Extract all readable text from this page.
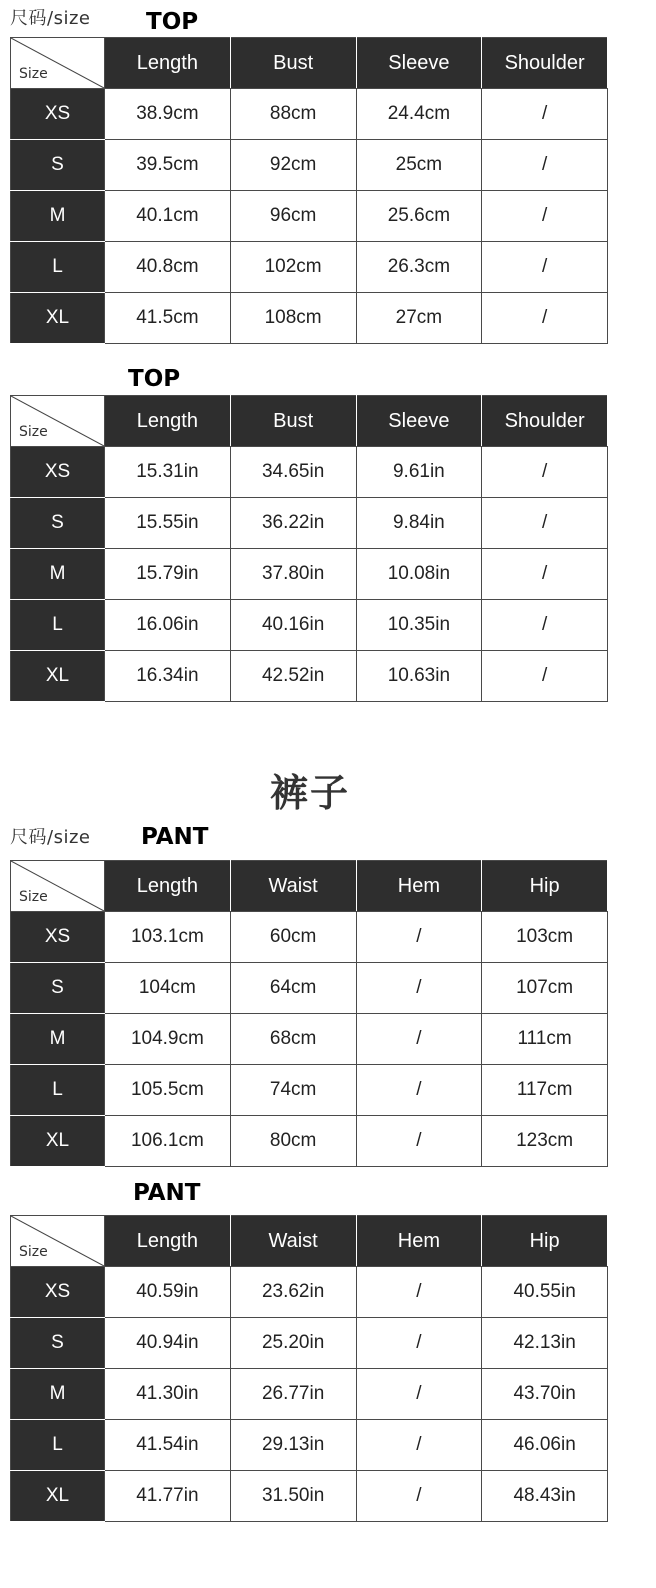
尺码/size TOP
Size	Length	Bust	Sleeve	Shoulder
XS	38.9cm	88cm	24.4cm	/
S	39.5cm	92cm	25cm	/
M	40.1cm	96cm	25.6cm	/
L	40.8cm	102cm	26.3cm	/
XL	41.5cm	108cm	27cm	/
TOP
Size	Length	Bust	Sleeve	Shoulder
XS	15.31in	34.65in	9.61in	/
S	15.55in	36.22in	9.84in	/
M	15.79in	37.80in	10.08in	/
L	16.06in	40.16in	10.35in	/
XL	16.34in	42.52in	10.63in	/
裤子
尺码/size PANT
Size	Length	Waist	Hem	Hip
XS	103.1cm	60cm	/	103cm
S	104cm	64cm	/	107cm
M	104.9cm	68cm	/	111cm
L	105.5cm	74cm	/	117cm
XL	106.1cm	80cm	/	123cm
PANT
Size	Length	Waist	Hem	Hip
XS	40.59in	23.62in	/	40.55in
S	40.94in	25.20in	/	42.13in
M	41.30in	26.77in	/	43.70in
L	41.54in	29.13in	/	46.06in
XL	41.77in	31.50in	/	48.43in
